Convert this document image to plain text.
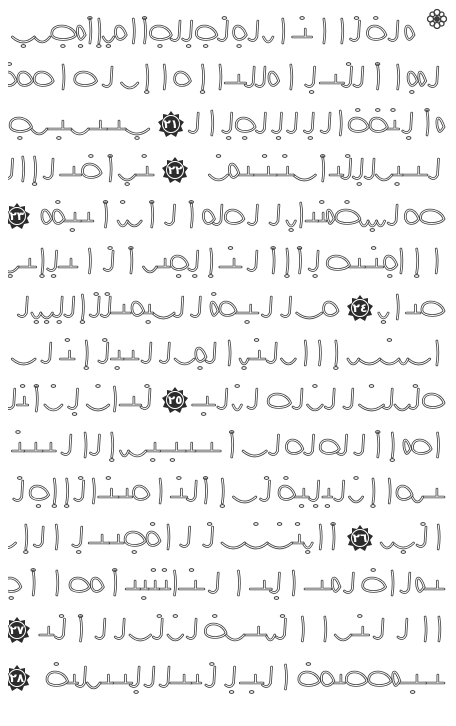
٢١
٢٢
٢٣
٢٤
٢٥
٢٦
٢٧
٢٨
